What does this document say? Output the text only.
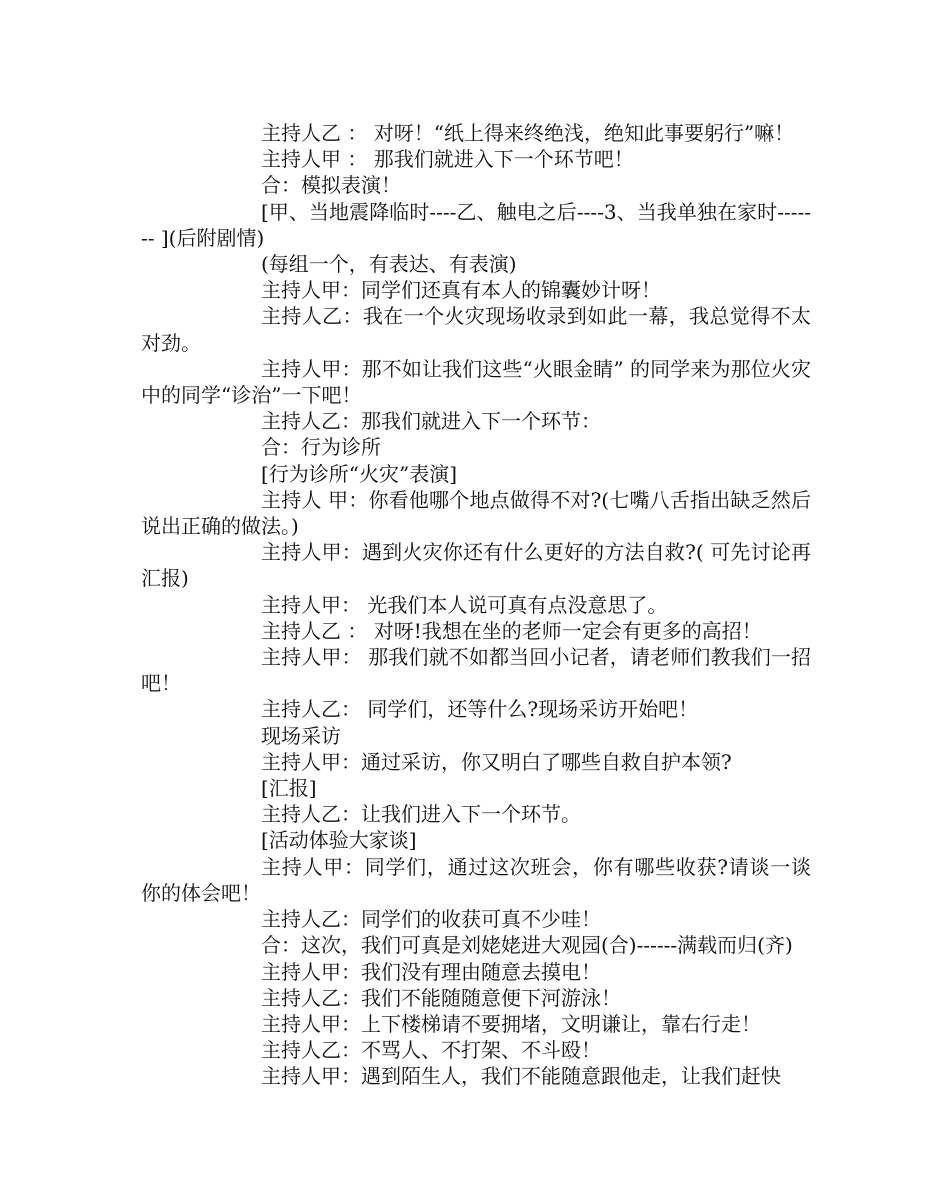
主持人乙 ： 对呀！“纸上得来终绝浅，绝知此事要躬行”嘛！

主持人甲 ： 那我们就进入下一个环节吧！

合：模拟表演！

[甲、当地震降临时----乙、触电之后----3、当我单独在家时------- ](后附剧情)

(每组一个，有表达、有表演)

主持人甲：同学们还真有本人的锦囊妙计呀！

主持人乙：我在一个火灾现场收录到如此一幕，我总觉得不太对劲。

主持人甲：那不如让我们这些“火眼金睛” 的同学来为那位火灾中的同学“诊治”一下吧！

主持人乙：那我们就进入下一个环节：

合：行为诊所

[行为诊所“火灾”表演]

主持人 甲：你看他哪个地点做得不对?(七嘴八舌指出缺乏然后说出正确的做法。)

主持人甲：遇到火灾你还有什么更好的方法自救?( 可先讨论再汇报)

主持人甲： 光我们本人说可真有点没意思了。

主持人乙 ： 对呀!我想在坐的老师一定会有更多的高招！

主持人甲： 那我们就不如都当回小记者，请老师们教我们一招吧！

主持人乙： 同学们，还等什么?现场采访开始吧！

现场采访

主持人甲：通过采访，你又明白了哪些自救自护本领?

[汇报]

主持人乙：让我们进入下一个环节。

[活动体验大家谈]

主持人甲：同学们，通过这次班会，你有哪些收获?请谈一谈你的体会吧！

主持人乙：同学们的收获可真不少哇！

合：这次，我们可真是刘姥姥进大观园(合)------满载而归(齐)

主持人甲：我们没有理由随意去摸电！

主持人乙：我们不能随随意便下河游泳！

主持人甲：上下楼梯请不要拥堵，文明谦让，靠右行走！

主持人乙：不骂人、不打架、不斗殴！

主持人甲：遇到陌生人，我们不能随意跟他走，让我们赶快
